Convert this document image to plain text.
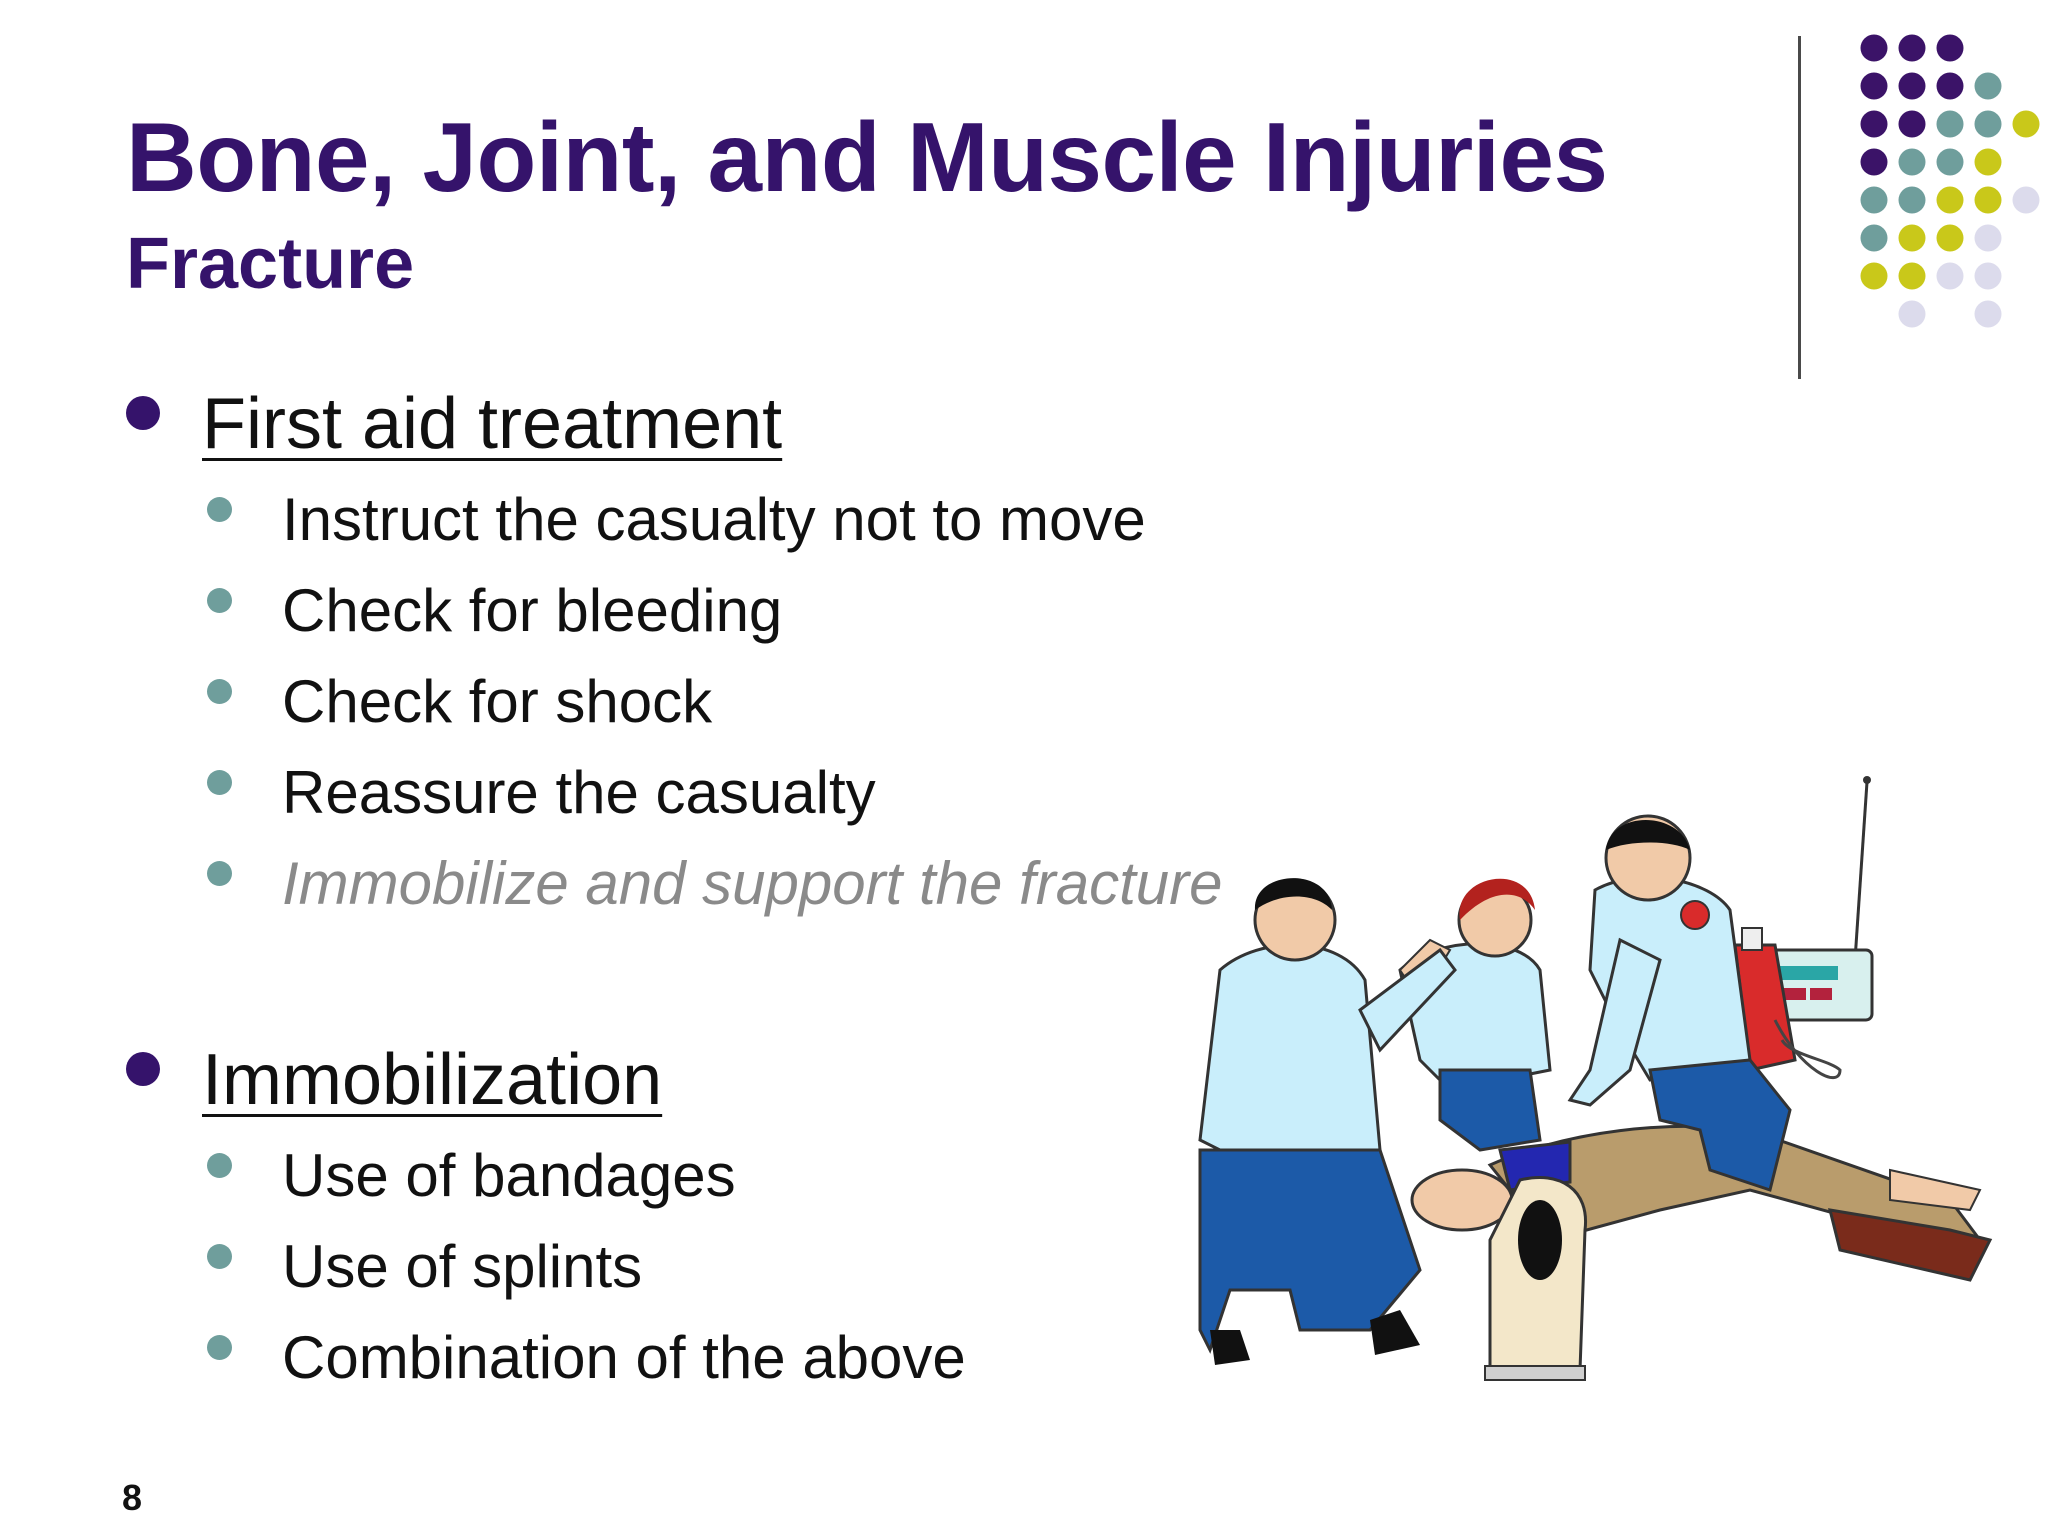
Bone, Joint, and Muscle Injuries
Fracture
First aid treatment
Instruct the casualty not to move
Check for bleeding
Check for shock
Reassure the casualty
Immobilize and support the fracture
Immobilization
Use of bandages
Use of splints
Combination of the above
8
